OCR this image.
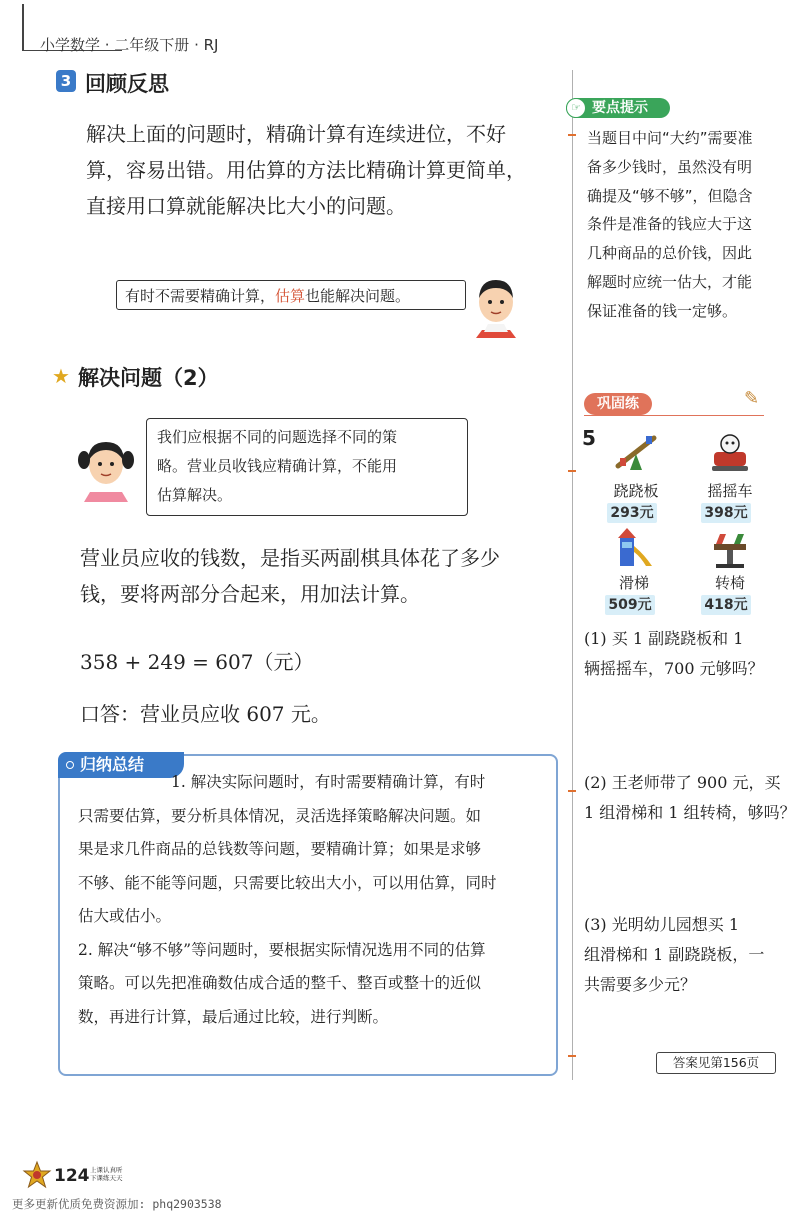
小学数学 · 二年级下册 · RJ
3 回顾反思
解决上面的问题时，精确计算有连续进位，不好
算，容易出错。用估算的方法比精确计算更简单，
直接用口算就能解决比大小的问题。
有时不需要精确计算，估算也能解决问题。
★ 解决问题（2）
我们应根据不同的问题选择不同的策
略。营业员收钱应精确计算，不能用
估算解决。
营业员应收的钱数，是指买两副棋具体花了多少
钱，要将两部分合起来，用加法计算。
358 + 249 = 607（元）
口答：营业员应收 607 元。
归纳总结
　　　　　　1. 解决实际问题时，有时需要精确计算，有时
只需要估算，要分析具体情况，灵活选择策略解决问题。如
果是求几件商品的总钱数等问题，要精确计算；如果是求够
不够、能不能等问题，只需要比较出大小，可以用估算，同时
估大或估小。
2. 解决“够不够”等问题时，要根据实际情况选用不同的估算
策略。可以先把准确数估成合适的整千、整百或整十的近似
数，再进行计算，最后通过比较，进行判断。
要点提示
☞
当题目中问“大约”需要准
备多少钱时，虽然没有明
确提及“够不够”，但隐含
条件是准备的钱应大于这
几种商品的总价钱，因此
解题时应统一估大，才能
保证准备的钱一定够。
巩固练	✎
5
跷跷板
293元
摇摇车
398元
滑梯
509元
转椅
418元
(1) 买 1 副跷跷板和 1
辆摇摇车，700 元够吗？
(2) 王老师带了 900 元，买
1 组滑梯和 1 组转椅，够吗？
(3) 光明幼儿园想买 1
组滑梯和 1 副跷跷板，一
共需要多少元？
答案见第156页
124 上课认真听
下课练天天
更多更新优质免费资源加: phq2903538
